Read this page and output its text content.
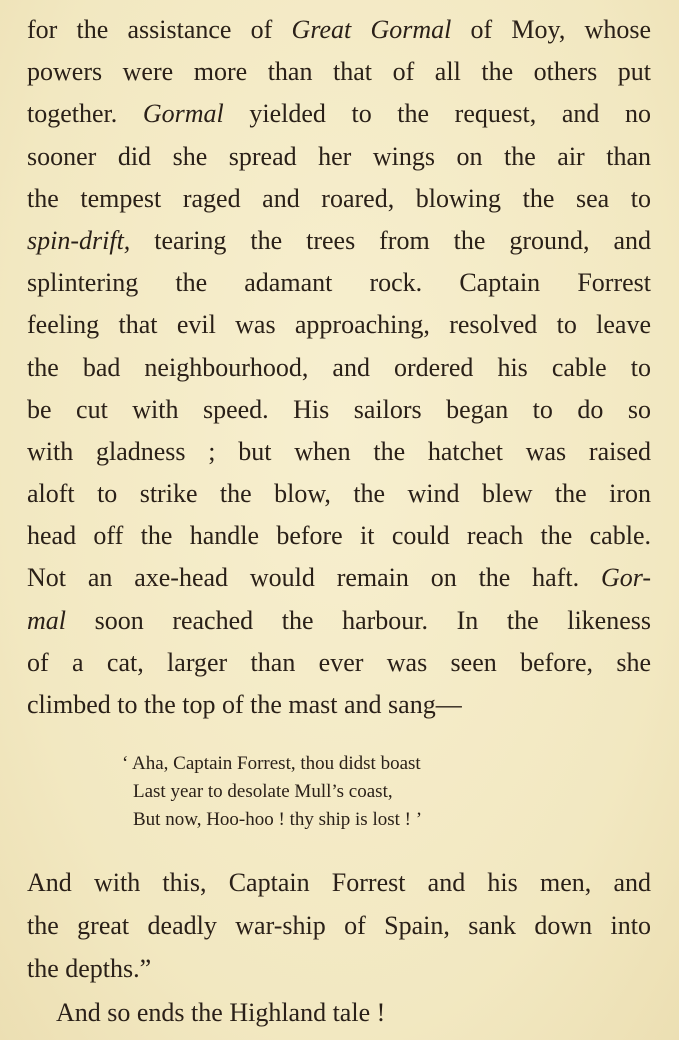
for the assistance of Great Gormal of Moy, whose
powers were more than that of all the others put
together. Gormal yielded to the request, and no
sooner did she spread her wings on the air than
the tempest raged and roared, blowing the sea to
spin-drift, tearing the trees from the ground, and
splintering the adamant rock. Captain Forrest
feeling that evil was approaching, resolved to leave
the bad neighbourhood, and ordered his cable to
be cut with speed. His sailors began to do so
with gladness ; but when the hatchet was raised
aloft to strike the blow, the wind blew the iron
head off the handle before it could reach the cable.
Not an axe-head would remain on the haft. Gor-
mal soon reached the harbour. In the likeness
of a cat, larger than ever was seen before, she
climbed to the top of the mast and sang—
‘ Aha, Captain Forrest, thou didst boast
Last year to desolate Mull’s coast,
But now, Hoo-hoo ! thy ship is lost ! ’
And with this, Captain Forrest and his men, and
the great deadly war-ship of Spain, sank down into
the depths.”
And so ends the Highland tale !
